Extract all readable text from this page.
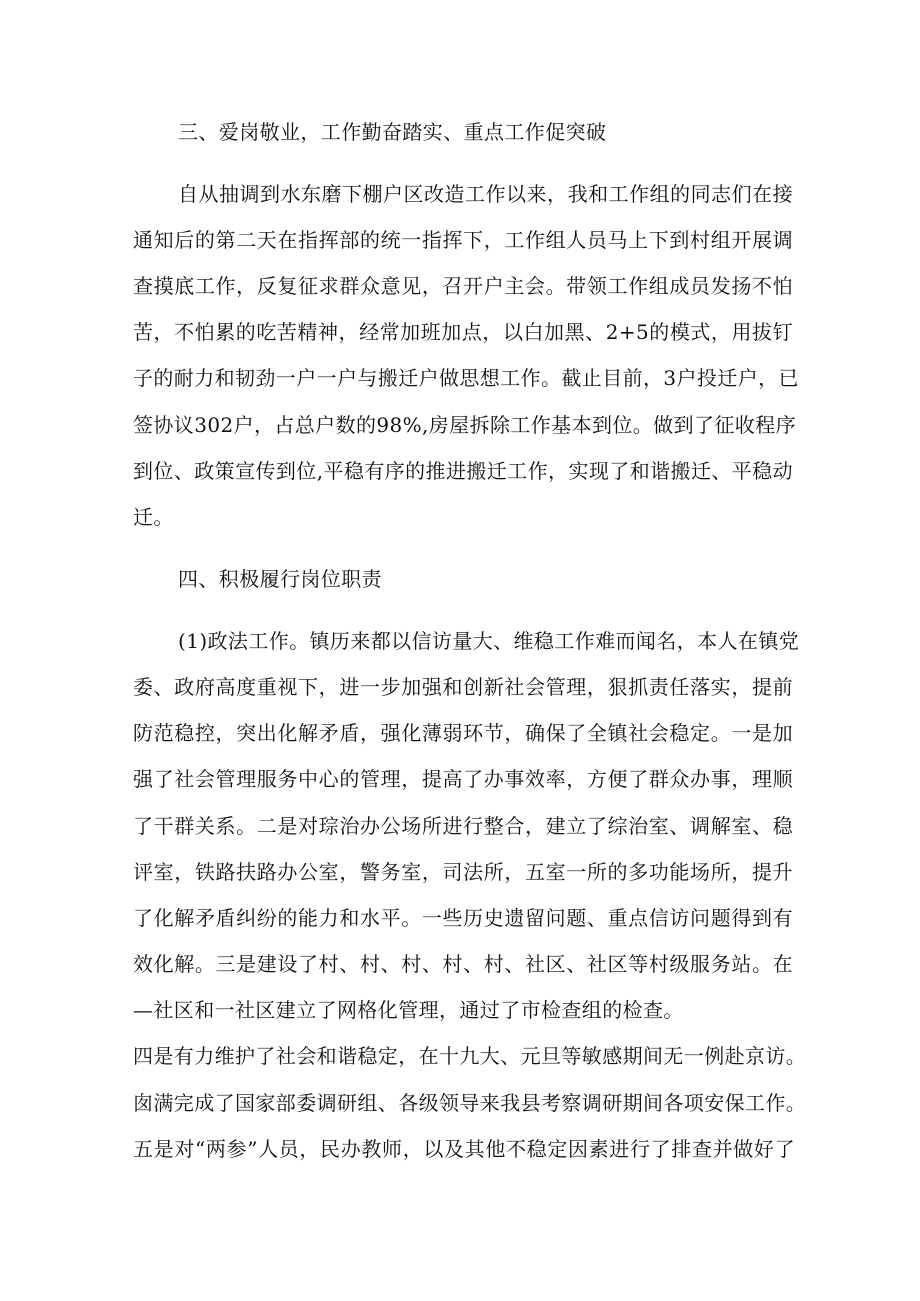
三、爱岗敬业，工作勤奋踏实、重点工作促突破
自从抽调到水东磨下棚户区改造工作以来，我和工作组的同志们在接
通知后的第二天在指挥部的统一指挥下，工作组人员马上下到村组开展调
查摸底工作，反复征求群众意见，召开户主会。带领工作组成员发扬不怕
苦，不怕累的吃苦精神，经常加班加点，以白加黑、2+5的模式，用拔钉
子的耐力和韧劲一户一户与搬迁户做思想工作。截止目前，3户投迁户，已
签协议302户，占总户数的98%,房屋拆除工作基本到位。做到了征收程序
到位、政策宣传到位,平稳有序的推进搬迁工作，实现了和谐搬迁、平稳动
迁。
四、积极履行岗位职责
(1)政法工作。镇历来都以信访量大、维稳工作难而闻名，本人在镇党
委、政府高度重视下，进一步加强和创新社会管理，狠抓责任落实，提前
防范稳控，突出化解矛盾，强化薄弱环节，确保了全镇社会稳定。一是加
强了社会管理服务中心的管理，提高了办事效率，方便了群众办事，理顺
了干群关系。二是对琮治办公场所进行整合，建立了综治室、调解室、稳
评室，铁路扶路办公室，警务室，司法所，五室一所的多功能场所，提升
了化解矛盾纠纷的能力和水平。一些历史遗留问题、重点信访问题得到有
效化解。三是建设了村、村、村、村、村、社区、社区等村级服务站。在
—社区和一社区建立了网格化管理，通过了市检查组的检查。
四是有力维护了社会和谐稳定，在十九大、元旦等敏感期间无一例赴京访。
囱满完成了国家部委调研组、各级领导来我县考察调研期间各项安保工作。
五是对“两参”人员，民办教师，以及其他不稳定因素进行了排查并做好了
